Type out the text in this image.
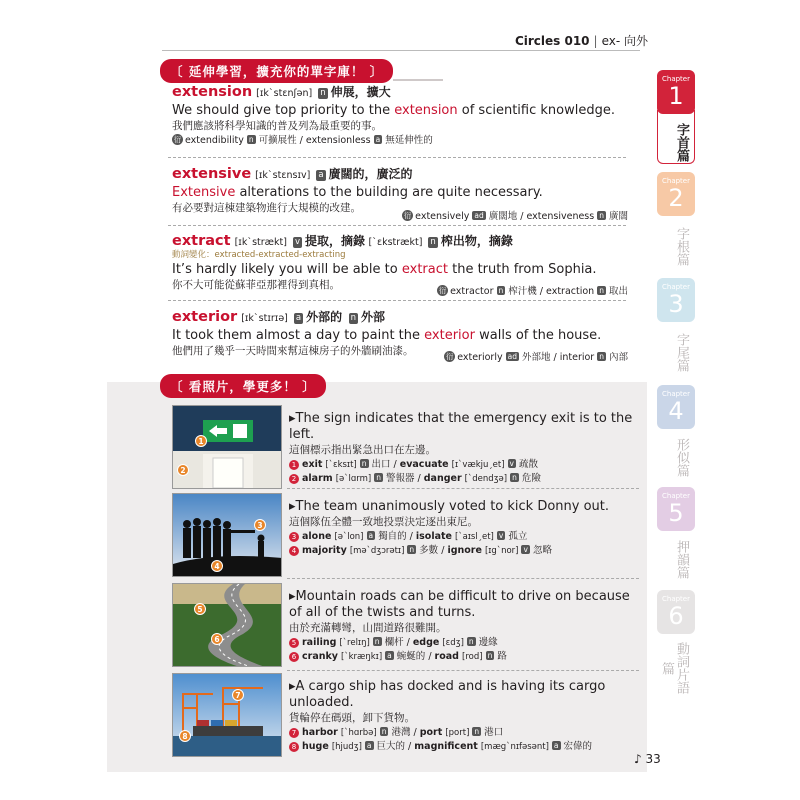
Circles 010 | ex- 向外
〔 延伸學習，擴充你的單字庫！ 〕
extension [ɪkˋstɛnʃən] n 伸展，擴大
We should give top priority to the extension of scientific knowledge.
我們應該將科學知識的普及列為最重要的事。
衍 extendibility n 可擴展性 / extensionless a 無延伸性的
extensive [ɪkˋstɛnsɪv] a 廣闊的，廣泛的
Extensive alterations to the building are quite necessary.
有必要對這棟建築物進行大規模的改建。
衍 extensively ad 廣闊地 / extensiveness n 廣闊
extract [ɪkˋstrækt] v 提取，摘錄 [ˋɛkstrækt] n 榨出物，摘錄
動詞變化：extracted-extracted-extracting
It’s hardly likely you will be able to extract the truth from Sophia.
你不大可能從蘇菲亞那裡得到真相。	衍 extractor n 榨汁機 / extraction n 取出
exterior [ɪkˋstɪrɪə] a 外部的 n 外部
It took them almost a day to paint the exterior walls of the house.
他們用了幾乎一天時間來幫這棟房子的外牆刷油漆。	衍 exteriorly ad 外部地 / interior n 內部
〔 看照片，學更多！ 〕
1
2
▸The sign indicates that the emergency exit is to the left.
這個標示指出緊急出口在左邊。
1 exit [ˋɛksɪt] n 出口 / evacuate [ɪˋvækjuˏet] v 疏散
2 alarm [əˋlɑrm] n 警報器 / danger [ˋdendʒə] n 危險
3
4
▸The team unanimously voted to kick Donny out.
這個隊伍全體一致地投票決定逐出東尼。
3 alone [əˋlon] a 獨自的 / isolate [ˋaɪslˏet] v 孤立
4 majority [məˋdʒɔrətɪ] n 多數 / ignore [ɪgˋnor] v 忽略
5
6
▸Mountain roads can be difficult to drive on because of all of the twists and turns.
由於充滿轉彎，山間道路很難開。
5 railing [ˋrelɪŋ] n 欄杆 / edge [ɛdʒ] n 邊緣
6 cranky [ˋkræŋkɪ] a 蜿蜒的 / road [rod] n 路
7
8
▸A cargo ship has docked and is having its cargo unloaded.
貨輪停在碼頭，卸下貨物。
7 harbor [ˋhɑrbə] n 港灣 / port [port] n 港口
8 huge [hjudʒ] a 巨大的 / magnificent [mægˋnɪfəsənt] a 宏偉的
Chapter
1
字首篇
Chapter
2
字根篇
Chapter
3
字尾篇
Chapter
4
形似篇
Chapter
5
押韻篇
Chapter
6
動詞片語篇
♪ 33
